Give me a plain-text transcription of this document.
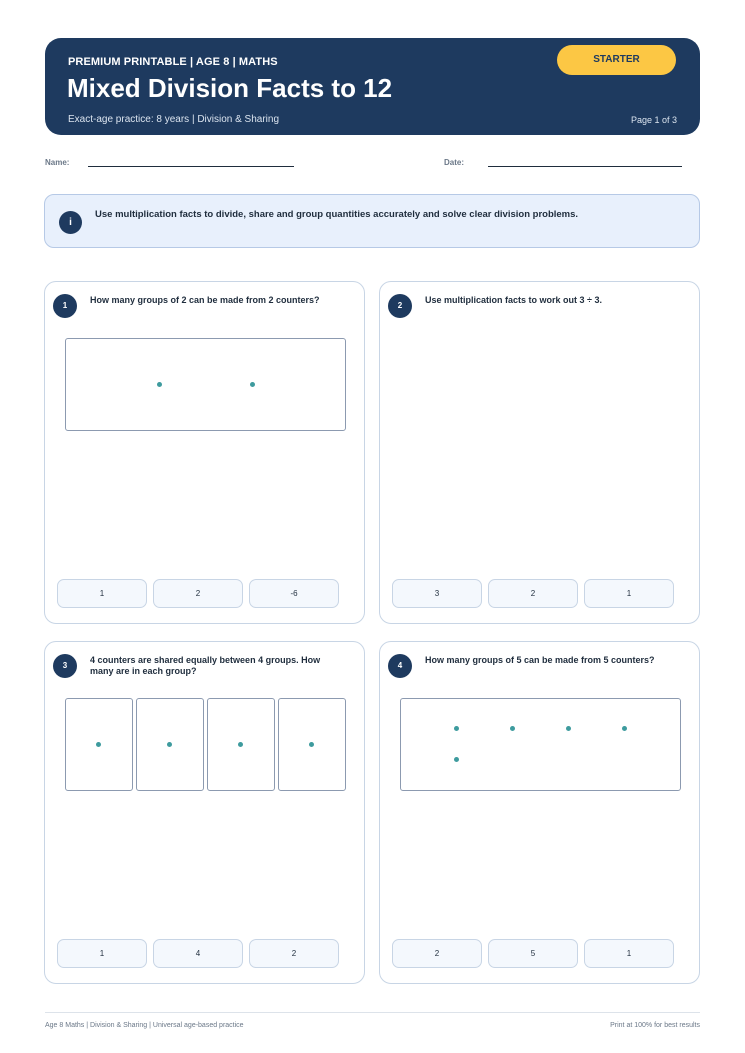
PREMIUM PRINTABLE | AGE 8 | MATHS
Mixed Division Facts to 12
Exact-age practice: 8 years | Division & Sharing	Page 1 of 3
STARTER
Name:	Date:
i
Use multiplication facts to divide, share and group quantities accurately and solve clear division problems.
1
How many groups of 2 can be made from 2 counters?
1	2	-6
2
Use multiplication facts to work out 3 ÷ 3.
3	2	1
3
4 counters are shared equally between 4 groups. How many are in each group?
1	4	2
4
How many groups of 5 can be made from 5 counters?
2	5	1
Age 8 Maths | Division & Sharing | Universal age-based practice	Print at 100% for best results
